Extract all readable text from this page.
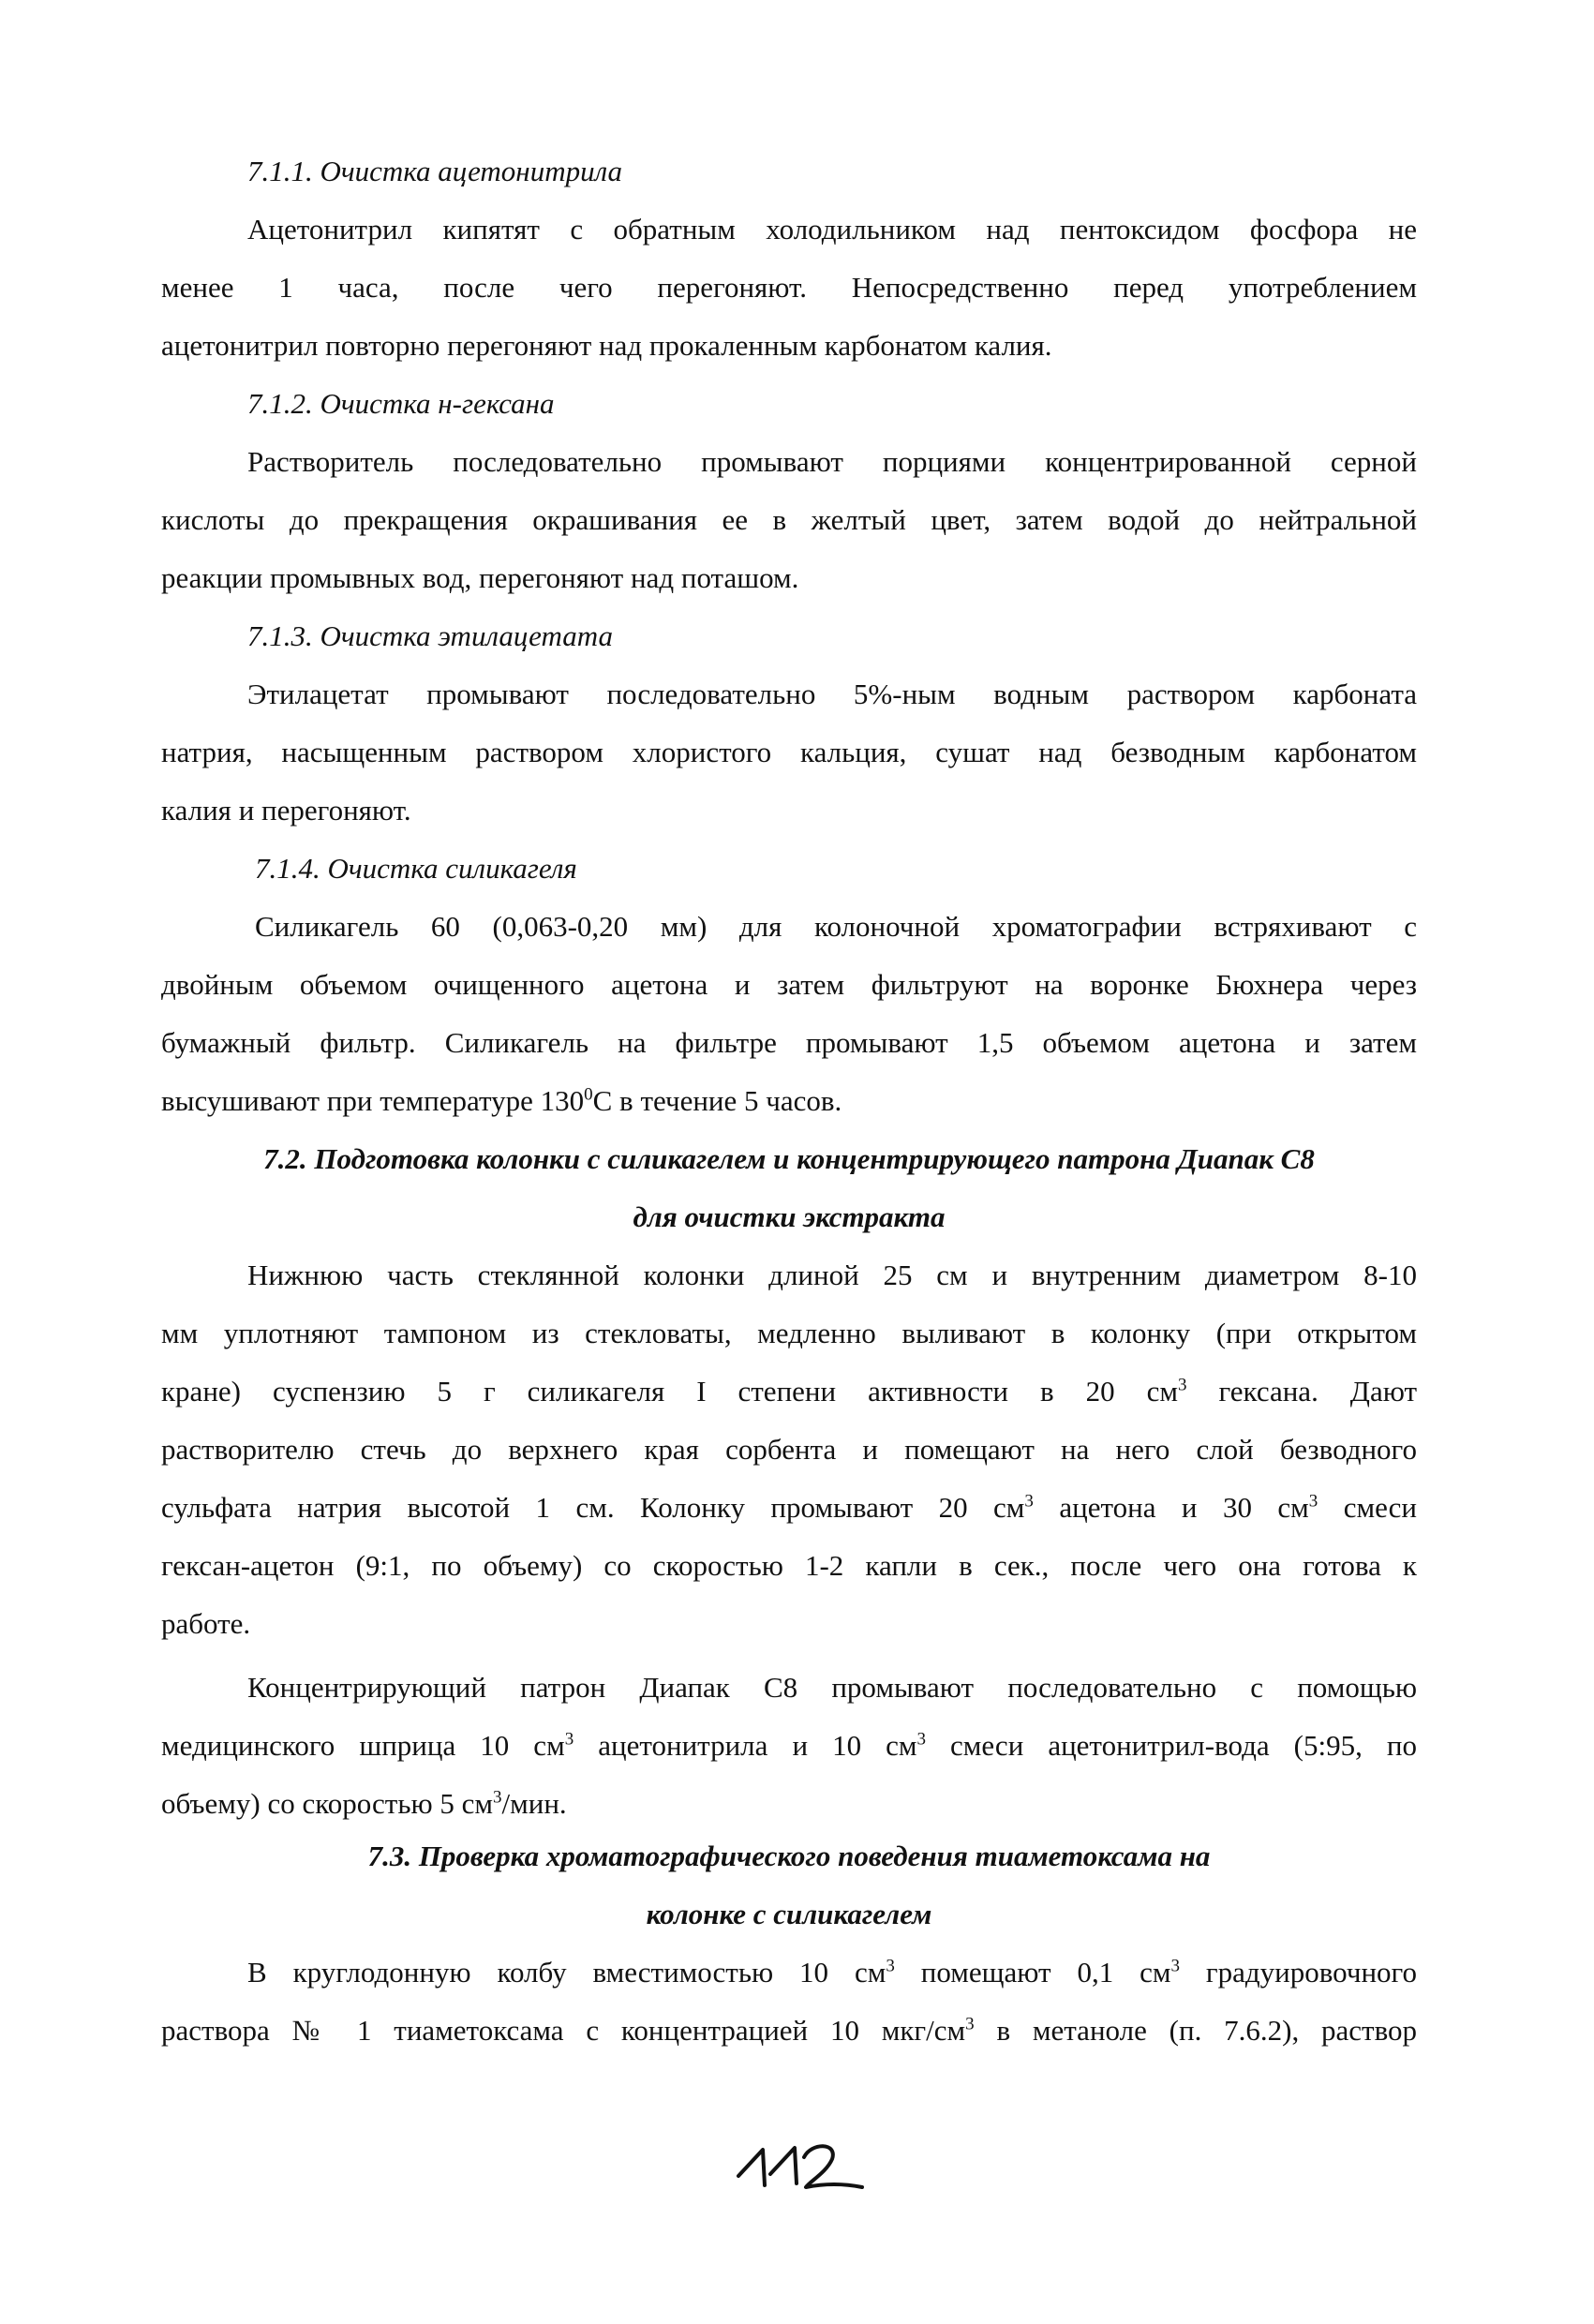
7.1.1. Очистка ацетонитрила
Ацетонитрил кипятят с обратным холодильником над пентоксидом фосфора не
менее 1 часа, после чего перегоняют. Непосредственно перед употреблением
ацетонитрил повторно перегоняют над прокаленным карбонатом калия.
7.1.2. Очистка н-гексана
Растворитель последовательно промывают порциями концентрированной серной
кислоты до прекращения окрашивания ее в желтый цвет, затем водой до нейтральной
реакции промывных вод, перегоняют над поташом.
7.1.3. Очистка этилацетата
Этилацетат промывают последовательно 5%-ным водным раствором карбоната
натрия, насыщенным раствором хлористого кальция, сушат над безводным карбонатом
калия и перегоняют.
7.1.4. Очистка силикагеля
Силикагель 60 (0,063-0,20 мм) для колоночной хроматографии встряхивают с
двойным объемом очищенного ацетона и затем фильтруют на воронке Бюхнера через
бумажный фильтр. Силикагель на фильтре промывают 1,5 объемом ацетона и затем
высушивают при температуре $130^0С$ в течение 5 часов.
7.2. Подготовка колонки с силикагелем и концентрирующего патрона Диапак С8
для очистки экстракта
Нижнюю часть стеклянной колонки длиной 25 см и внутренним диаметром 8-10
мм уплотняют тампоном из стекловаты, медленно выливают в колонку (при открытом
кране) суспензию 5 г силикагеля I степени активности в 20 $см^3$ гексана. Дают
растворителю стечь до верхнего края сорбента и помещают на него слой безводного
сульфата натрия высотой 1 см. Колонку промывают 20 $см^3$ ацетона и 30 $см^3$ смеси
гексан-ацетон (9:1, по объему) со скоростью 1-2 капли в сек., после чего она готова к
работе.
Концентрирующий патрон Диапак С8 промывают последовательно с помощью
медицинского шприца 10 $см^3$ ацетонитрила и 10 $см^3$ смеси ацетонитрил-вода (5:95, по
объему) со скоростью 5 $см^3$/мин.
7.3. Проверка хроматографического поведения тиаметоксама на
колонке с силикагелем
В круглодонную колбу вместимостью 10 $см^3$ помещают 0,1 $см^3$ градуировочного
раствора № 1 тиаметоксама с концентрацией 10 мкг/$см^3$ в метаноле (п. 7.6.2), раствор
